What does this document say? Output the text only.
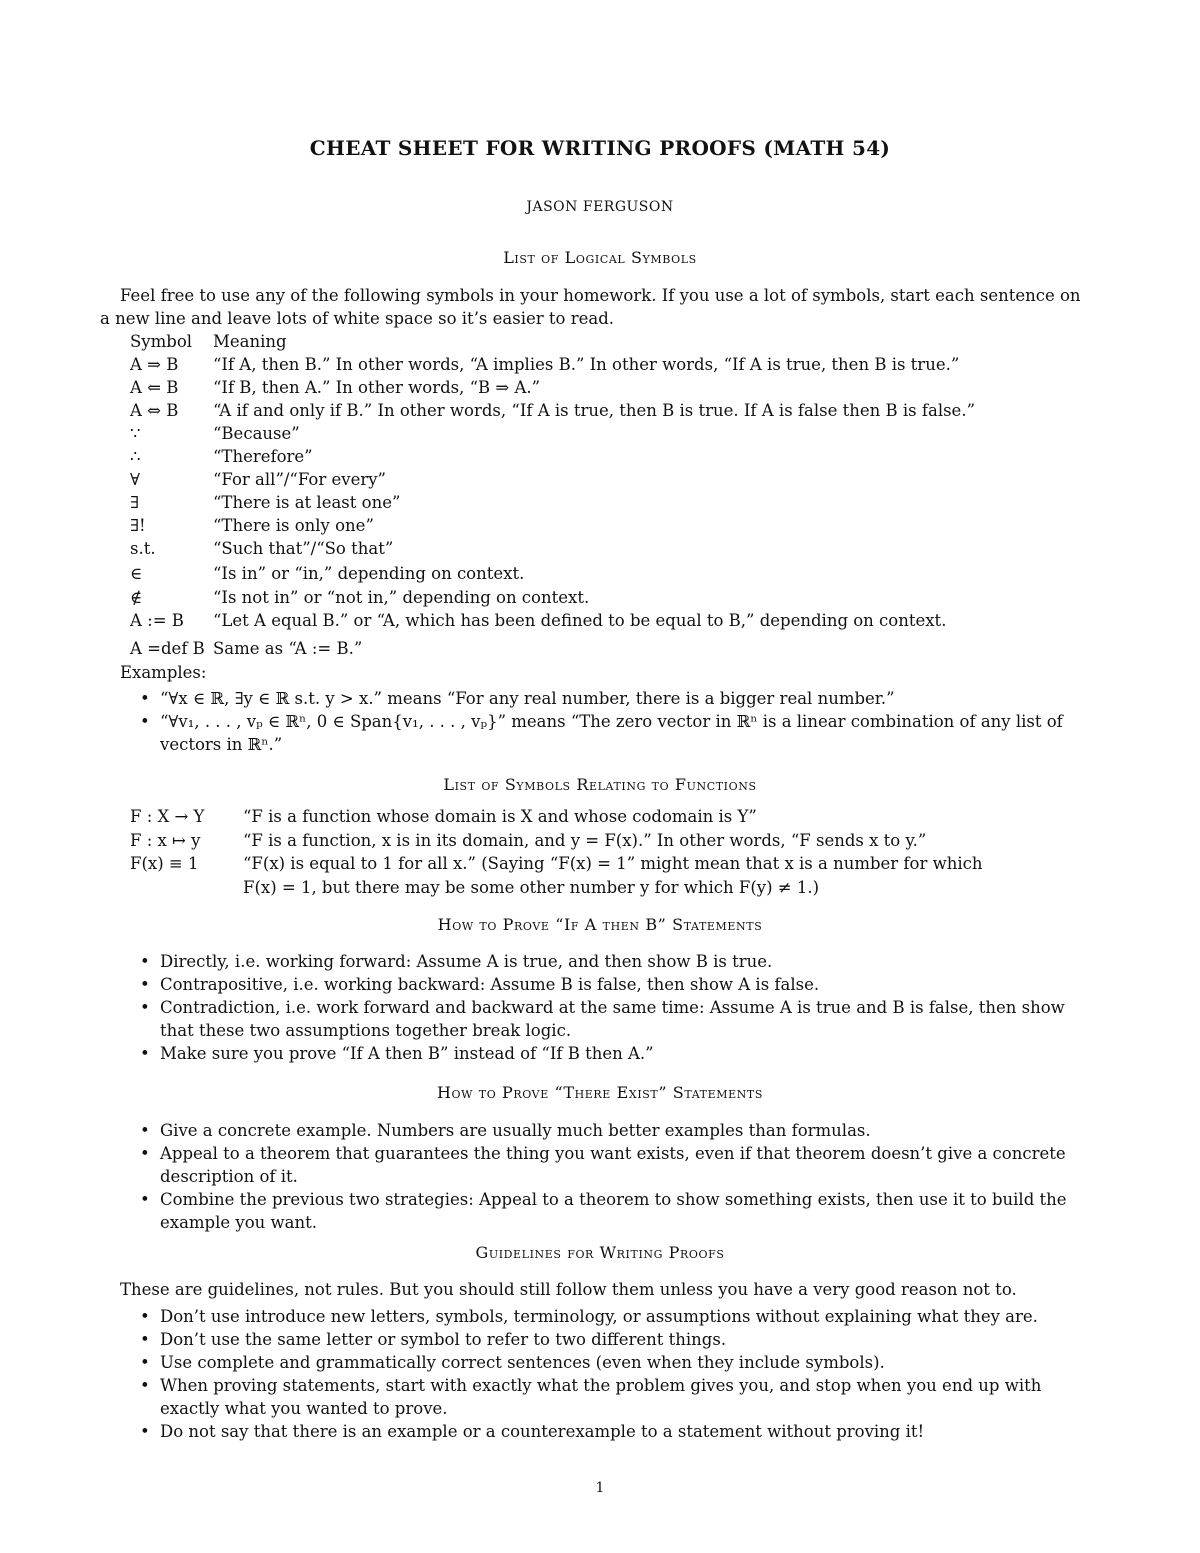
CHEAT SHEET FOR WRITING PROOFS (MATH 54)
JASON FERGUSON
List of Logical Symbols
Feel free to use any of the following symbols in your homework. If you use a lot of symbols, start each sentence on
a new line and leave lots of white space so it’s easier to read.
Symbol Meaning
A ⇒ B “If A, then B.” In other words, “A implies B.” In other words, “If A is true, then B is true.”
A ⇐ B “If B, then A.” In other words, “B ⇒ A.”
A ⇔ B “A if and only if B.” In other words, “If A is true, then B is true. If A is false then B is false.”
∵	“Because”
∴	“Therefore”
∀	“For all”/“For every”
∃	“There is at least one”
∃!	“There is only one”
s.t.	“Such that”/“So that”
∈	“Is in” or “in,” depending on context.
∉	“Is not in” or “not in,” depending on context.
A := B “Let A equal B.” or “A, which has been defined to be equal to B,” depending on context.
A =def B Same as “A := B.”
Examples:
• “∀x ∈ ℝ, ∃y ∈ ℝ s.t. y > x.” means “For any real number, there is a bigger real number.”
• “∀v₁, . . . , vₚ ∈ ℝⁿ, 0 ∈ Span{v₁, . . . , vₚ}” means “The zero vector in ℝⁿ is a linear combination of any list of vectors in ℝⁿ.”
List of Symbols Relating to Functions
F : X → Y “F is a function whose domain is X and whose codomain is Y”
F : x ↦ y	“F is a function, x is in its domain, and y = F(x).” In other words, “F sends x to y.”
F(x) ≡ 1	“F(x) is equal to 1 for all x.” (Saying “F(x) = 1” might mean that x is a number for which
F(x) = 1, but there may be some other number y for which F(y) ≠ 1.)
How to Prove “If A then B” Statements
• Directly, i.e. working forward: Assume A is true, and then show B is true.
• Contrapositive, i.e. working backward: Assume B is false, then show A is false.
• Contradiction, i.e. work forward and backward at the same time: Assume A is true and B is false, then show that these two assumptions together break logic.
• Make sure you prove “If A then B” instead of “If B then A.”
How to Prove “There Exist” Statements
• Give a concrete example. Numbers are usually much better examples than formulas.
• Appeal to a theorem that guarantees the thing you want exists, even if that theorem doesn’t give a concrete description of it.
• Combine the previous two strategies: Appeal to a theorem to show something exists, then use it to build the example you want.
Guidelines for Writing Proofs
These are guidelines, not rules. But you should still follow them unless you have a very good reason not to.
• Don’t use introduce new letters, symbols, terminology, or assumptions without explaining what they are.
• Don’t use the same letter or symbol to refer to two different things.
• Use complete and grammatically correct sentences (even when they include symbols).
• When proving statements, start with exactly what the problem gives you, and stop when you end up with exactly what you wanted to prove.
• Do not say that there is an example or a counterexample to a statement without proving it!
1
